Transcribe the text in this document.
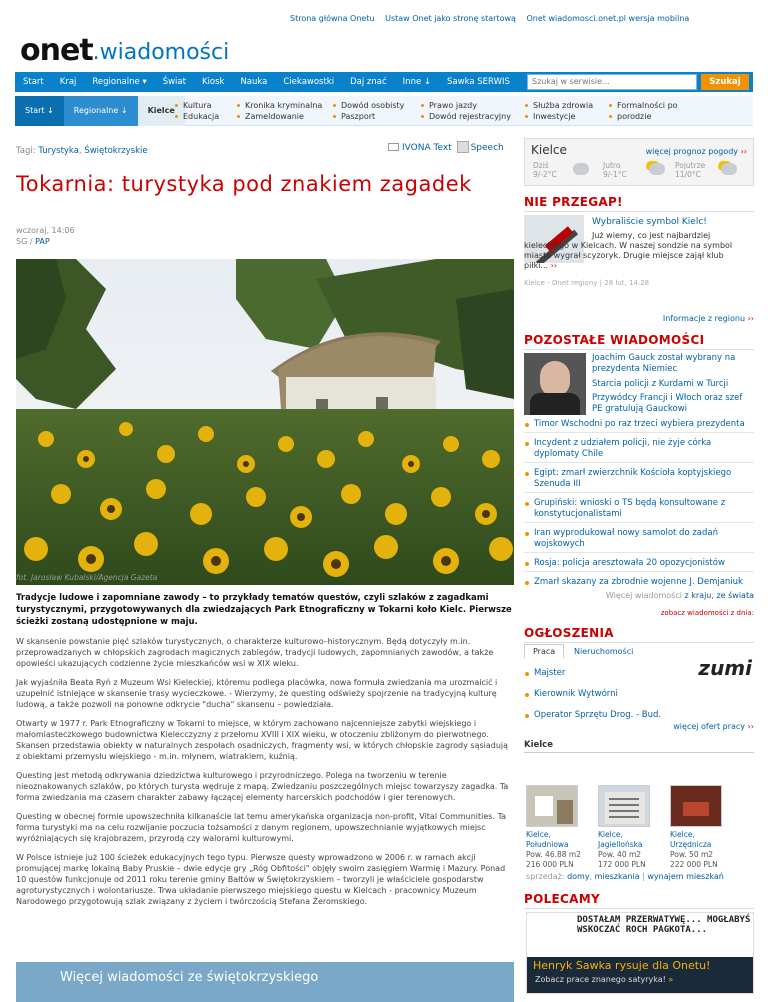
Strona główna Onetu Ustaw Onet jako stronę startową Onet wiadomosci.onet.pl wersja mobilna
onet . wiadomości
Start	Kraj	Regionalne ▾	Świat	Kiosk	Nauka	Ciekawostki	Daj znać	Inne ↓	Sawka SERWIS	Szukaj w serwisie...	Szukaj
Start ↓	Regionalne ↓	Kielce
Kultura
Edukacja
Kronika kryminalna
Zameldowanie
Dowód osobisty
Paszport
Prawo jazdy
Dowód rejestracyjny
Służba zdrowia
Inwestycje
Formalności po
porodzie
Tagi: Turystyka, Świętokrzyskie	IVONA Text Speech
Tokarnia: turystyka pod znakiem zagadek
wczoraj, 14:06
SG / PAP
fot. Jarosław Kubalski/Agencja Gazeta
Tradycje ludowe i zapomniane zawody – to przykłady tematów questów, czyli szlaków z zagadkami turystycznymi, przygotowywanych dla zwiedzających Park Etnograficzny w Tokarni koło Kielc. Pierwsze ścieżki zostaną udostępnione w maju.

W skansenie powstanie pięć szlaków turystycznych, o charakterze kulturowo–historycznym. Będą dotyczyły m.in. przeprowadzanych w chłopskich zagrodach magicznych zabiegów, tradycji ludowych, zapomnianych zawodów, a także opowieści ukazujących codzienne życie mieszkańców wsi w XIX wieku.

Jak wyjaśniła Beata Ryń z Muzeum Wsi Kieleckiej, któremu podlega placówka, nowa formuła zwiedzania ma urozmaicić i uzupełnić istniejące w skansenie trasy wycieczkowe. - Wierzymy, że questing odświeży spojrzenie na tradycyjną kulturę ludową, a także pozwoli na ponowne odkrycie "ducha" skansenu – powiedziała.

Otwarty w 1977 r. Park Etnograficzny w Tokarni to miejsce, w którym zachowano najcenniejsze zabytki wiejskiego i małomiasteczkowego budownictwa Kielecczyzny z przełomu XVIII i XIX wieku, w otoczeniu zbliżonym do pierwotnego. Skansen przedstawia obiekty w naturalnych zespołach osadniczych, fragmenty wsi, w których chłopskie zagrody sąsiadują z obiektami przemysłu wiejskiego - m.in. młynem, wiatrakiem, kuźnią.

Questing jest metodą odkrywania dziedzictwa kulturowego i przyrodniczego. Polega na tworzeniu w terenie nieoznakowanych szlaków, po których turysta wędruje z mapą. Zwiedzaniu poszczególnych miejsc towarzyszy zagadka. Ta forma zwiedzania ma czasem charakter zabawy łączącej elementy harcerskich podchodów i gier terenowych.

Questing w obecnej formie upowszechniła kilkanaście lat temu amerykańska organizacja non-profit, Vital Communities. Ta forma turystyki ma na celu rozwijanie poczucia tożsamości z danym regionem, upowszechnianie wyjątkowych miejsc wyróżniających się krajobrazem, przyrodą czy walorami kulturowymi.

W Polsce istnieje już 100 ścieżek edukacyjnych tego typu. Pierwsze questy wprowadzono w 2006 r. w ramach akcji promującej markę lokalną Baby Pruskie – dwie edycje gry „Róg Obfitości" objęły swoim zasięgiem Warmię i Mazury. Ponad 10 questów funkcjonuje od 2011 roku terenie gminy Bałtów w Świętokrzyskiem – tworzyli je właściciele gospodarstw agroturystycznych i wolontariusze. Trwa układanie pierwszego miejskiego questu w Kielcach - pracownicy Muzeum Narodowego przygotowują szlak związany z życiem i twórczością Stefana Żeromskiego.

Więcej wiadomości ze świętokrzyskiego
Kielce	więcej prognoz pogody ››
Dziś
9/-2°C
Jutro
9/-1°C
Pojutrze
11/0°C
NIE PRZEGAP!
Wybraliście symbol Kielc!
Już wiemy, co jest najbardziej kieleckiego w Kielcach. W naszej sondzie na symbol miasta wygrał scyzoryk. Drugie miejsce zajął klub piłki... ››
Kielce - Onet regiony | 28 lut, 14:28
Informacje z regionu ››
POZOSTAŁE WIADOMOŚCI
Joachim Gauck został wybrany na prezydenta Niemiec
Starcia policji z Kurdami w Turcji
Przywódcy Francji i Włoch oraz szef PE gratulują Gauckowi
Timor Wschodni po raz trzeci wybiera prezydenta
Incydent z udziałem policji, nie żyje córka dyplomaty Chile
Egipt: zmarł zwierzchnik Kościoła koptyjskiego Szenuda III
Grupiński: wnioski o TS będą konsultowane z konstytucjonalistami
Iran wyprodukował nowy samolot do zadań wojskowych
Rosja: policja aresztowała 20 opozycjonistów
Zmarł skazany za zbrodnie wojenne J. Demjaniuk
Więcej wiadomości z kraju, ze świata
zobacz wiadomości z dnia:
OGŁOSZENIA
Praca	Nieruchomości
zumi
Majster
Kierownik Wytwórni
Operator Sprzętu Drog. - Bud.
więcej ofert pracy ››
Kielce
Kielce, Południowa
Pow. 46.88 m2
216 000 PLN
Kielce, Jagiellońska
Pow. 40 m2
172 000 PLN
Kielce, Urzędnicza
Pow. 50 m2
222 000 PLN
sprzedaż: domy, mieszkania | wynajem mieszkań
POLECAMY
DOSTAŁAM PRZERWATYWĘ... MOGŁABYŚ WSKOCZAĆ ROCH PAGKOTA...
Henryk Sawka rysuje dla Onetu!
Zobacz prace znanego satyryka! »
